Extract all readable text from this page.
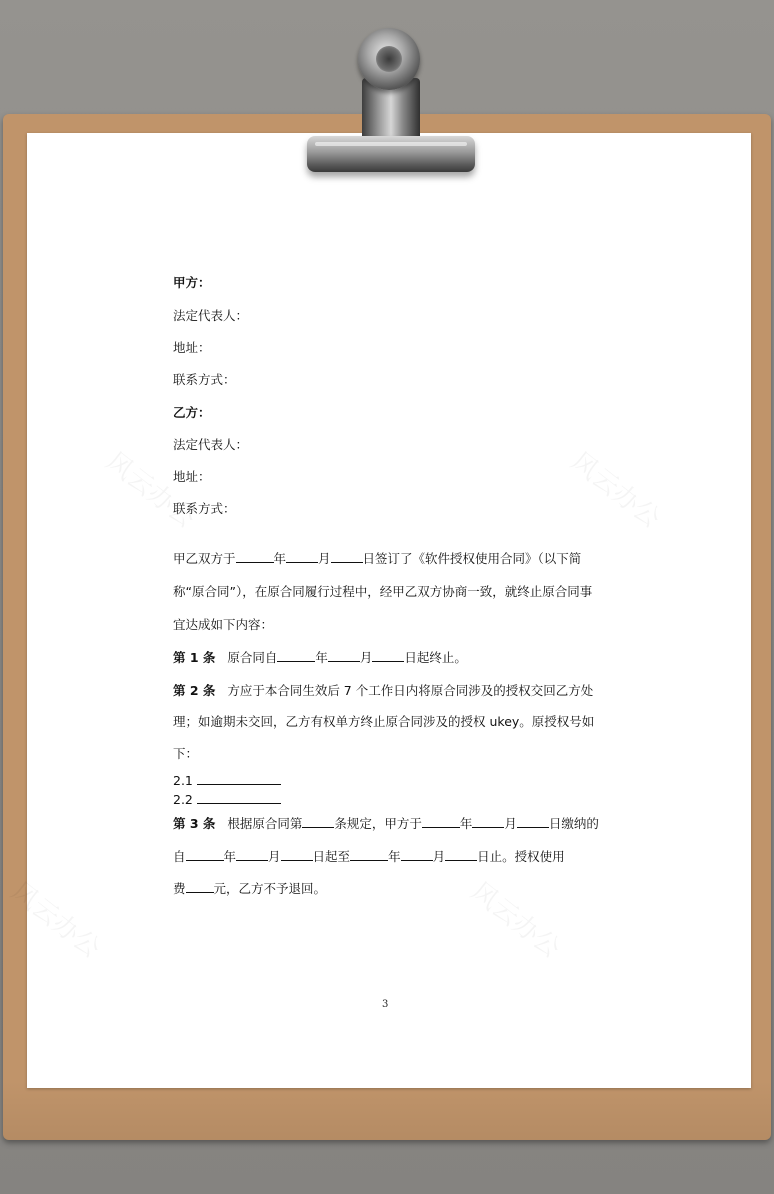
甲方：
法定代表人：
地址：
联系方式：
乙方：
法定代表人：
地址：
联系方式：
甲乙双方于	年	月	日签订了《软件授权使用合同》（以下简
称“原合同”），在原合同履行过程中，经甲乙双方协商一致，就终止原合同事
宜达成如下内容：
第 1 条 原合同自	年	月	日起终止。
第 2 条 方应于本合同生效后 7 个工作日内将原合同涉及的授权交回乙方处
理；如逾期未交回，乙方有权单方终止原合同涉及的授权 ukey。原授权号如
下：
2.1
2.2
第 3 条 根据原合同第	条规定，甲方于	年	月	日缴纳的
自	年	月	日起至	年	月	日止。授权使用
费 元，乙方不予退回。
3
